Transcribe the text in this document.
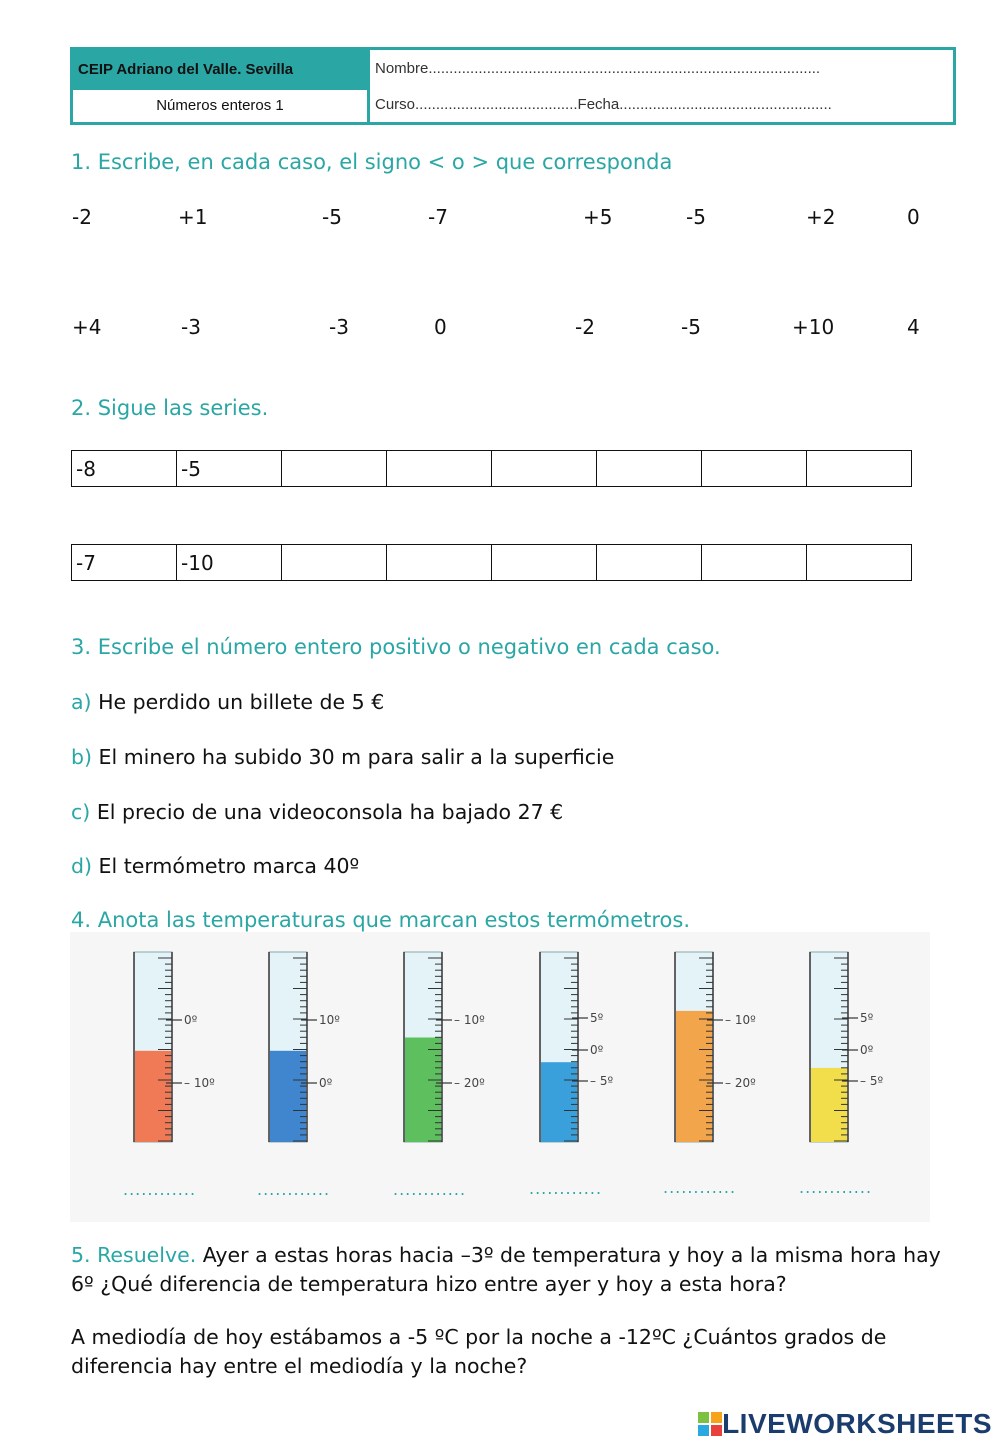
CEIP Adriano del Valle. Sevilla
Números enteros 1
Nombre..............................................................................................
Curso.......................................Fecha...................................................
1. Escribe, en cada caso, el signo < o > que corresponda
-2	+1	-5	-7	+5	-5	+2	0
+4	-3	-3	0	-2	-5	+10	4
2. Sigue las series.
-8	-5						
-7	-10						
3. Escribe el número entero positivo o negativo en cada caso.
a) He perdido un billete de 5 €
b) El minero ha subido 30 m para salir a la superficie
c) El precio de una videoconsola ha bajado 27 €
d) El termómetro marca 40º
4. Anota las temperaturas que marcan estos termómetros.
0º
– 10º
10º
0º
– 10º
– 20º
5º
0º
– 5º
– 10º
– 20º
5º
0º
– 5º
............	............	............	............	............	............
5. Resuelve. Ayer a estas horas hacia –3º de temperatura y hoy a la misma hora hay 6º ¿Qué diferencia de temperatura hizo entre ayer y hoy a esta hora?
A mediodía de hoy estábamos a -5 ºC por la noche a -12ºC ¿Cuántos grados de diferencia hay entre el mediodía y la noche?
LIVEWORKSHEETS
